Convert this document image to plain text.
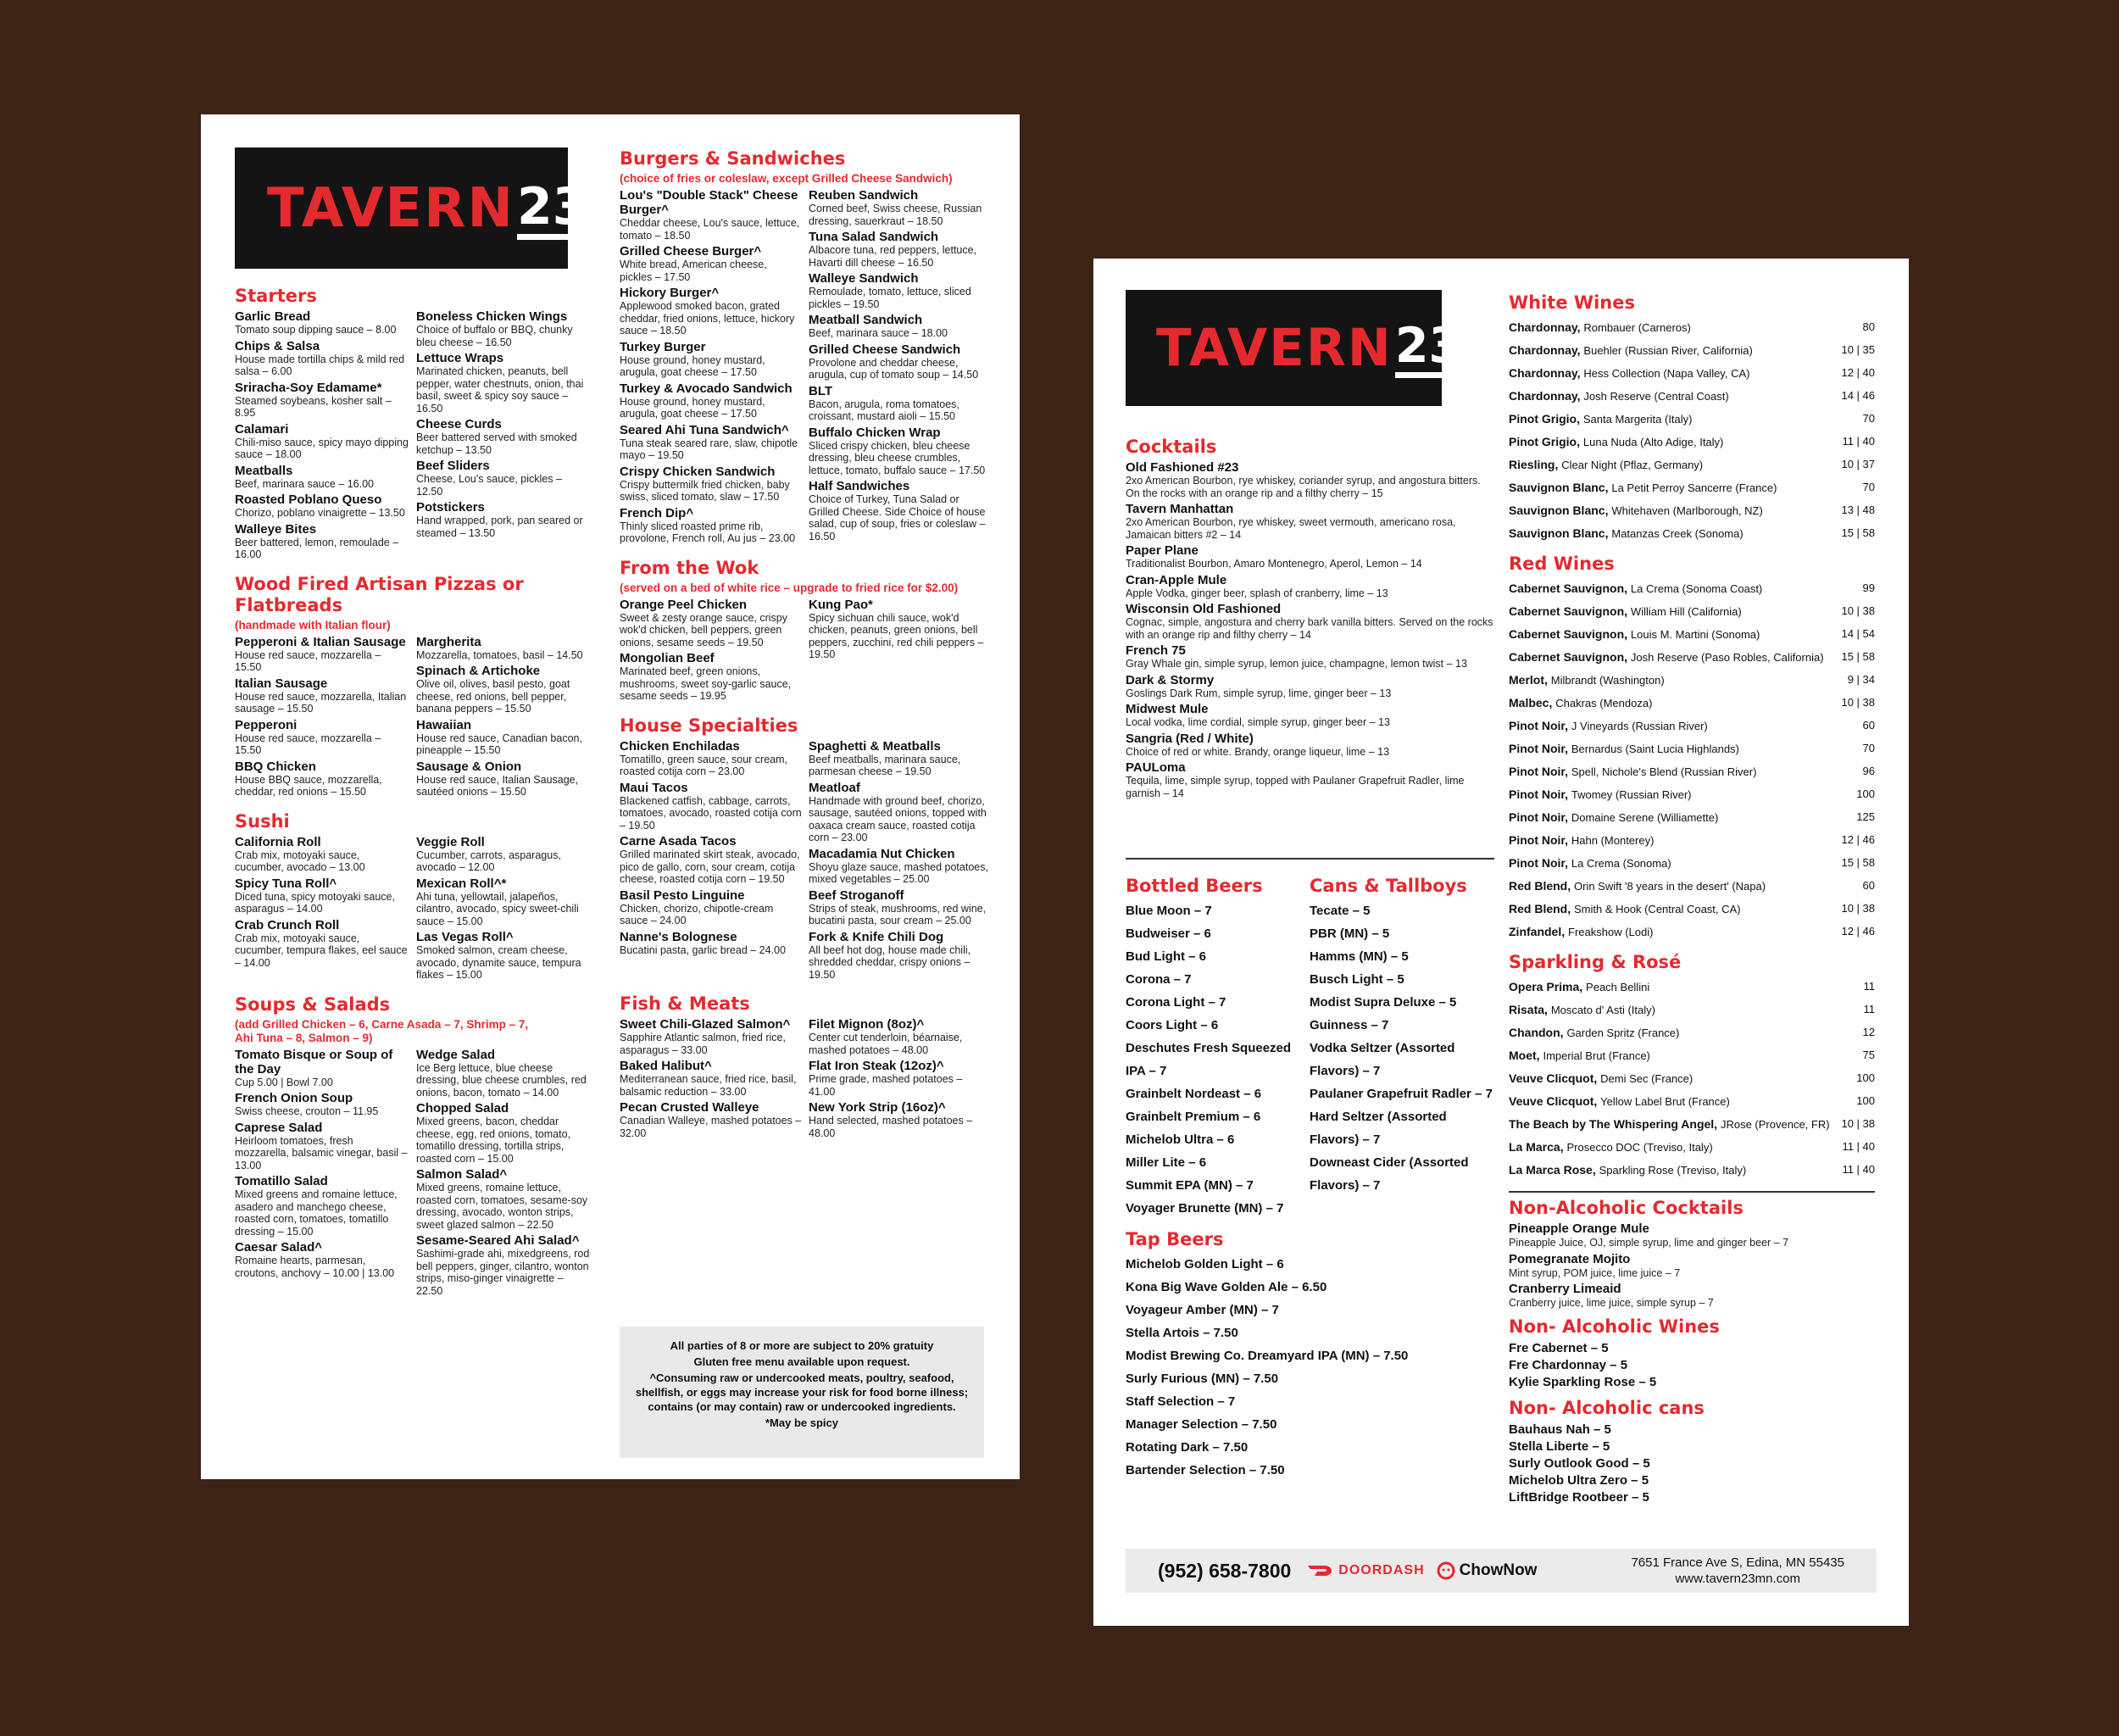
TAVERN 23
Starters
Garlic Bread
Tomato soup dipping sauce – 8.00
Chips & Salsa
House made tortilla chips & mild red salsa – 6.00
Sriracha-Soy Edamame*
Steamed soybeans, kosher salt – 8.95
Calamari
Chili-miso sauce, spicy mayo dipping sauce – 18.00
Meatballs
Beef, marinara sauce – 16.00
Roasted Poblano Queso
Chorizo, poblano vinaigrette – 13.50
Walleye Bites
Beer battered, lemon, remoulade – 16.00
Boneless Chicken Wings
Choice of buffalo or BBQ, chunky bleu cheese – 16.50
Lettuce Wraps
Marinated chicken, peanuts, bell pepper, water chestnuts, onion, thai basil, sweet & spicy soy sauce – 16.50
Cheese Curds
Beer battered served with smoked ketchup – 13.50
Beef Sliders
Cheese, Lou's sauce, pickles – 12.50
Potstickers
Hand wrapped, pork, pan seared or steamed – 13.50
Wood Fired Artisan Pizzas or Flatbreads
(handmade with Italian flour)
Pepperoni & Italian Sausage
House red sauce, mozzarella – 15.50
Italian Sausage
House red sauce, mozzarella, Italian sausage – 15.50
Pepperoni
House red sauce, mozzarella – 15.50
BBQ Chicken
House BBQ sauce, mozzarella, cheddar, red onions – 15.50
Margherita
Mozzarella, tomatoes, basil – 14.50
Spinach & Artichoke
Olive oil, olives, basil pesto, goat cheese, red onions, bell pepper, banana peppers – 15.50
Hawaiian
House red sauce, Canadian bacon, pineapple – 15.50
Sausage & Onion
House red sauce, Italian Sausage, sautéed onions – 15.50
Sushi
California Roll
Crab mix, motoyaki sauce, cucumber, avocado – 13.00
Spicy Tuna Roll^
Diced tuna, spicy motoyaki sauce, asparagus – 14.00
Crab Crunch Roll
Crab mix, motoyaki sauce, cucumber, tempura flakes, eel sauce – 14.00
Veggie Roll
Cucumber, carrots, asparagus, avocado – 12.00
Mexican Roll^*
Ahi tuna, yellowtail, jalapeños, cilantro, avocado, spicy sweet-chili sauce – 15.00
Las Vegas Roll^
Smoked salmon, cream cheese, avocado, dynamite sauce, tempura flakes – 15.00
Soups & Salads
(add Grilled Chicken – 6, Carne Asada – 7, Shrimp – 7, Ahi Tuna – 8, Salmon – 9)
Tomato Bisque or Soup of the Day
Cup 5.00 | Bowl 7.00
French Onion Soup
Swiss cheese, crouton – 11.95
Caprese Salad
Heirloom tomatoes, fresh mozzarella, balsamic vinegar, basil – 13.00
Tomatillo Salad
Mixed greens and romaine lettuce, asadero and manchego cheese, roasted corn, tomatoes, tomatillo dressing – 15.00
Caesar Salad^
Romaine hearts, parmesan, croutons, anchovy – 10.00 | 13.00
Wedge Salad
Ice Berg lettuce, blue cheese dressing, blue cheese crumbles, red onions, bacon, tomato – 14.00
Chopped Salad
Mixed greens, bacon, cheddar cheese, egg, red onions, tomato, tomatillo dressing, tortilla strips, roasted corn – 15.00
Salmon Salad^
Mixed greens, romaine lettuce, roasted corn, tomatoes, sesame-soy dressing, avocado, wonton strips, sweet glazed salmon – 22.50
Sesame-Seared Ahi Salad^
Sashimi-grade ahi, mixedgreens, rod bell peppers, ginger, cilantro, wonton strips, miso-ginger vinaigrette – 22.50
Burgers & Sandwiches
(choice of fries or coleslaw, except Grilled Cheese Sandwich)
Lou's "Double Stack" Cheese Burger^
Cheddar cheese, Lou's sauce, lettuce, tomato – 18.50
Grilled Cheese Burger^
White bread, American cheese, pickles – 17.50
Hickory Burger^
Applewood smoked bacon, grated cheddar, fried onions, lettuce, hickory sauce – 18.50
Turkey Burger
House ground, honey mustard, arugula, goat cheese – 17.50
Turkey & Avocado Sandwich
House ground, honey mustard, arugula, goat cheese – 17.50
Seared Ahi Tuna Sandwich^
Tuna steak seared rare, slaw, chipotle mayo – 19.50
Crispy Chicken Sandwich
Crispy buttermilk fried chicken, baby swiss, sliced tomato, slaw – 17.50
French Dip^
Thinly sliced roasted prime rib, provolone, French roll, Au jus – 23.00
Reuben Sandwich
Corned beef, Swiss cheese, Russian dressing, sauerkraut – 18.50
Tuna Salad Sandwich
Albacore tuna, red peppers, lettuce, Havarti dill cheese – 16.50
Walleye Sandwich
Remoulade, tomato, lettuce, sliced pickles – 19.50
Meatball Sandwich
Beef, marinara sauce – 18.00
Grilled Cheese Sandwich
Provolone and cheddar cheese, arugula, cup of tomato soup – 14.50
BLT
Bacon, arugula, roma tomatoes, croissant, mustard aioli – 15.50
Buffalo Chicken Wrap
Sliced crispy chicken, bleu cheese dressing, bleu cheese crumbles, lettuce, tomato, buffalo sauce – 17.50
Half Sandwiches
Choice of Turkey, Tuna Salad or Grilled Cheese. Side Choice of house salad, cup of soup, fries or coleslaw – 16.50
From the Wok
(served on a bed of white rice – upgrade to fried rice for $2.00)
Orange Peel Chicken
Sweet & zesty orange sauce, crispy wok'd chicken, bell peppers, green onions, sesame seeds – 19.50
Mongolian Beef
Marinated beef, green onions, mushrooms, sweet soy-garlic sauce, sesame seeds – 19.95
Kung Pao*
Spicy sichuan chili sauce, wok'd chicken, peanuts, green onions, bell peppers, zucchini, red chili peppers – 19.50
House Specialties
Chicken Enchiladas
Tomatillo, green sauce, sour cream, roasted cotija corn – 23.00
Maui Tacos
Blackened catfish, cabbage, carrots, tomatoes, avocado, roasted cotija corn – 19.50
Carne Asada Tacos
Grilled marinated skirt steak, avocado, pico de gallo, corn, sour cream, cotija cheese, roasted cotija corn – 19.50
Basil Pesto Linguine
Chicken, chorizo, chipotle-cream sauce – 24.00
Nanne's Bolognese
Bucatini pasta, garlic bread – 24.00
Spaghetti & Meatballs
Beef meatballs, marinara sauce, parmesan cheese – 19.50
Meatloaf
Handmade with ground beef, chorizo, sausage, sautéed onions, topped with oaxaca cream sauce, roasted cotija corn – 23.00
Macadamia Nut Chicken
Shoyu glaze sauce, mashed potatoes, mixed vegetables – 25.00
Beef Stroganoff
Strips of steak, mushrooms, red wine, bucatini pasta, sour cream – 25.00
Fork & Knife Chili Dog
All beef hot dog, house made chili, shredded cheddar, crispy onions – 19.50
Fish & Meats
Sweet Chili-Glazed Salmon^
Sapphire Atlantic salmon, fried rice, asparagus – 33.00
Baked Halibut^
Mediterranean sauce, fried rice, basil, balsamic reduction – 33.00
Pecan Crusted Walleye
Canadian Walleye, mashed potatoes – 32.00
Filet Mignon (8oz)^
Center cut tenderloin, béarnaise, mashed potatoes – 48.00
Flat Iron Steak (12oz)^
Prime grade, mashed potatoes – 41.00
New York Strip (16oz)^
Hand selected, mashed potatoes – 48.00
All parties of 8 or more are subject to 20% gratuity
Gluten free menu available upon request.
^Consuming raw or undercooked meats, poultry, seafood, shellfish, or eggs may increase your risk for food borne illness; contains (or may contain) raw or undercooked ingredients.
*May be spicy
TAVERN 23
Cocktails
Old Fashioned #23
2xo American Bourbon, rye whiskey, coriander syrup, and angostura bitters. On the rocks with an orange rip and a filthy cherry – 15
Tavern Manhattan
2xo American Bourbon, rye whiskey, sweet vermouth, americano rosa, Jamaican bitters #2 – 14
Paper Plane
Traditionalist Bourbon, Amaro Montenegro, Aperol, Lemon – 14
Cran-Apple Mule
Apple Vodka, ginger beer, splash of cranberry, lime – 13
Wisconsin Old Fashioned
Cognac, simple, angostura and cherry bark vanilla bitters. Served on the rocks with an orange rip and filthy cherry – 14
French 75
Gray Whale gin, simple syrup, lemon juice, champagne, lemon twist – 13
Dark & Stormy
Goslings Dark Rum, simple syrup, lime, ginger beer – 13
Midwest Mule
Local vodka, lime cordial, simple syrup, ginger beer – 13
Sangria (Red / White)
Choice of red or white. Brandy, orange liqueur, lime – 13
PAULoma
Tequila, lime, simple syrup, topped with Paulaner Grapefruit Radler, lime garnish – 14
Bottled Beers
Blue Moon – 7
Budweiser – 6
Bud Light – 6
Corona – 7
Corona Light – 7
Coors Light – 6
Deschutes Fresh Squeezed IPA – 7
Grainbelt Nordeast – 6
Grainbelt Premium – 6
Michelob Ultra – 6
Miller Lite – 6
Summit EPA (MN) – 7
Voyager Brunette (MN) – 7
Cans & Tallboys
Tecate – 5
PBR (MN) – 5
Hamms (MN) – 5
Busch Light – 5
Modist Supra Deluxe – 5
Guinness – 7
Vodka Seltzer (Assorted Flavors) – 7
Paulaner Grapefruit Radler – 7
Hard Seltzer (Assorted Flavors) – 7
Downeast Cider (Assorted Flavors) – 7
Tap Beers
Michelob Golden Light – 6
Kona Big Wave Golden Ale – 6.50
Voyageur Amber (MN) – 7
Stella Artois – 7.50
Modist Brewing Co. Dreamyard IPA (MN) – 7.50
Surly Furious (MN) – 7.50
Staff Selection – 7
Manager Selection – 7.50
Rotating Dark – 7.50
Bartender Selection – 7.50
White Wines
Chardonnay, Rombauer (Carneros)	80
Chardonnay, Buehler (Russian River, California)	10 | 35
Chardonnay, Hess Collection (Napa Valley, CA)	12 | 40
Chardonnay, Josh Reserve (Central Coast)	14 | 46
Pinot Grigio, Santa Margerita (Italy)	70
Pinot Grigio, Luna Nuda (Alto Adige, Italy)	11 | 40
Riesling, Clear Night (Pflaz, Germany)	10 | 37
Sauvignon Blanc, La Petit Perroy Sancerre (France)	70
Sauvignon Blanc, Whitehaven (Marlborough, NZ)	13 | 48
Sauvignon Blanc, Matanzas Creek (Sonoma)	15 | 58
Red Wines
Cabernet Sauvignon, La Crema (Sonoma Coast)	99
Cabernet Sauvignon, William Hill (California)	10 | 38
Cabernet Sauvignon, Louis M. Martini (Sonoma)	14 | 54
Cabernet Sauvignon, Josh Reserve (Paso Robles, California) 15 | 58
Merlot, Milbrandt (Washington)	9 | 34
Malbec, Chakras (Mendoza)	10 | 38
Pinot Noir, J Vineyards (Russian River)	60
Pinot Noir, Bernardus (Saint Lucia Highlands)	70
Pinot Noir, Spell, Nichole's Blend (Russian River)	96
Pinot Noir, Twomey (Russian River)	100
Pinot Noir, Domaine Serene (Williamette)	125
Pinot Noir, Hahn (Monterey)	12 | 46
Pinot Noir, La Crema (Sonoma)	15 | 58
Red Blend, Orin Swift '8 years in the desert' (Napa)	60
Red Blend, Smith & Hook (Central Coast, CA)	10 | 38
Zinfandel, Freakshow (Lodi)	12 | 46
Sparkling & Rosé
Opera Prima, Peach Bellini	11
Risata, Moscato d' Asti (Italy)	11
Chandon, Garden Spritz (France)	12
Moet, Imperial Brut (France)	75
Veuve Clicquot, Demi Sec (France)	100
Veuve Clicquot, Yellow Label Brut (France)	100
The Beach by The Whispering Angel, JRose (Provence, FR) 10 | 38
La Marca, Prosecco DOC (Treviso, Italy)	11 | 40
La Marca Rose, Sparkling Rose (Treviso, Italy)	11 | 40
Non-Alcoholic Cocktails
Pineapple Orange Mule
Pineapple Juice, OJ, simple syrup, lime and ginger beer – 7
Pomegranate Mojito
Mint syrup, POM juice, lime juice – 7
Cranberry Limeaid
Cranberry juice, lime juice, simple syrup – 7
Non- Alcoholic Wines
Fre Cabernet – 5
Fre Chardonnay – 5
Kylie Sparkling Rose – 5
Non- Alcoholic cans
Bauhaus Nah – 5
Stella Liberte – 5
Surly Outlook Good – 5
Michelob Ultra Zero – 5
LiftBridge Rootbeer – 5
(952) 658-7800	DOORDASH ChowNow	7651 France Ave S, Edina, MN 55435
www.tavern23mn.com
